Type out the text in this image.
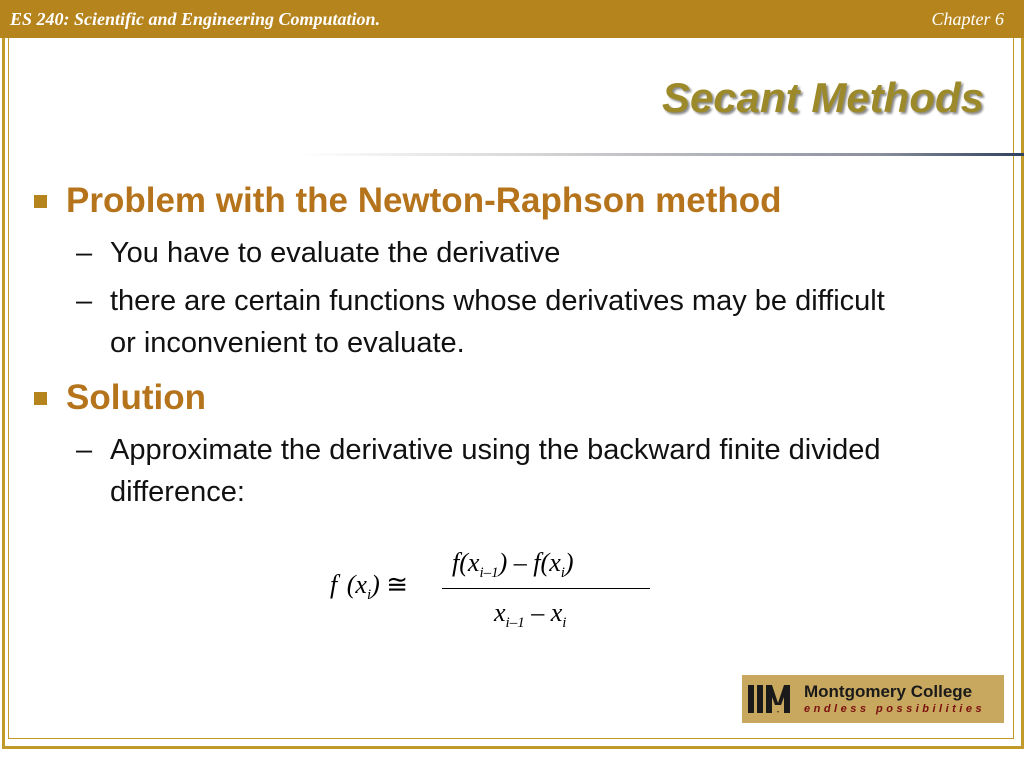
ES 240: Scientific and Engineering Computation.	Chapter 6
Secant Methods
Problem with the Newton-Raphson method
– You have to evaluate the derivative
– there are certain functions whose derivatives may be difficult
or inconvenient to evaluate.
Solution
– Approximate the derivative using the backward finite divided
difference:
f' $(x_i)$ ≅
$f(x_{i-1}) - f(x_i)$
$x_{i-1} - x_i$
Montgomery College
endless possibilities
